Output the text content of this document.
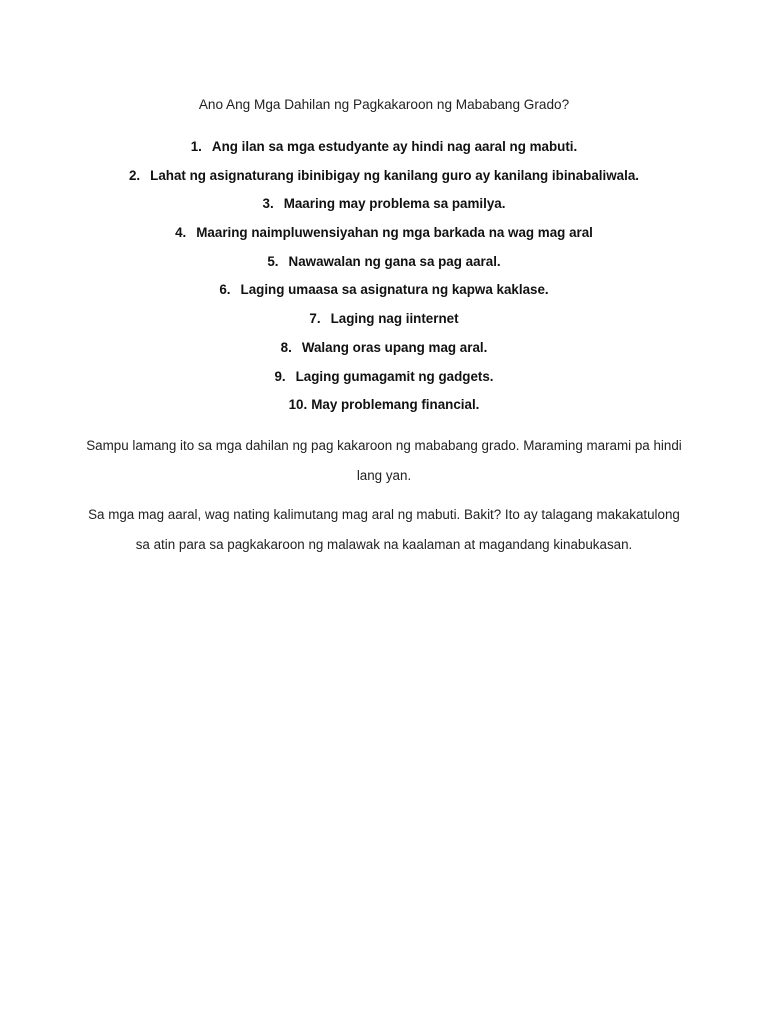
Ano Ang Mga Dahilan ng Pagkakaroon ng Mababang Grado?
1. Ang ilan sa mga estudyante ay hindi nag aaral ng mabuti.
2. Lahat ng asignaturang ibinibigay ng kanilang guro ay kanilang ibinabaliwala.
3. Maaring may problema sa pamilya.
4. Maaring naimpluwensiyahan ng mga barkada na wag mag aral
5. Nawawalan ng gana sa pag aaral.
6. Laging umaasa sa asignatura ng kapwa kaklase.
7. Laging nag iinternet
8. Walang oras upang mag aral.
9. Laging gumagamit ng gadgets.
10. May problemang financial.

Sampu lamang ito sa mga dahilan ng pag kakaroon ng mababang grado. Maraming marami pa hindi lang yan.

Sa mga mag aaral, wag nating kalimutang mag aral ng mabuti. Bakit? Ito ay talagang makakatulong sa atin para sa pagkakaroon ng malawak na kaalaman at magandang kinabukasan.
